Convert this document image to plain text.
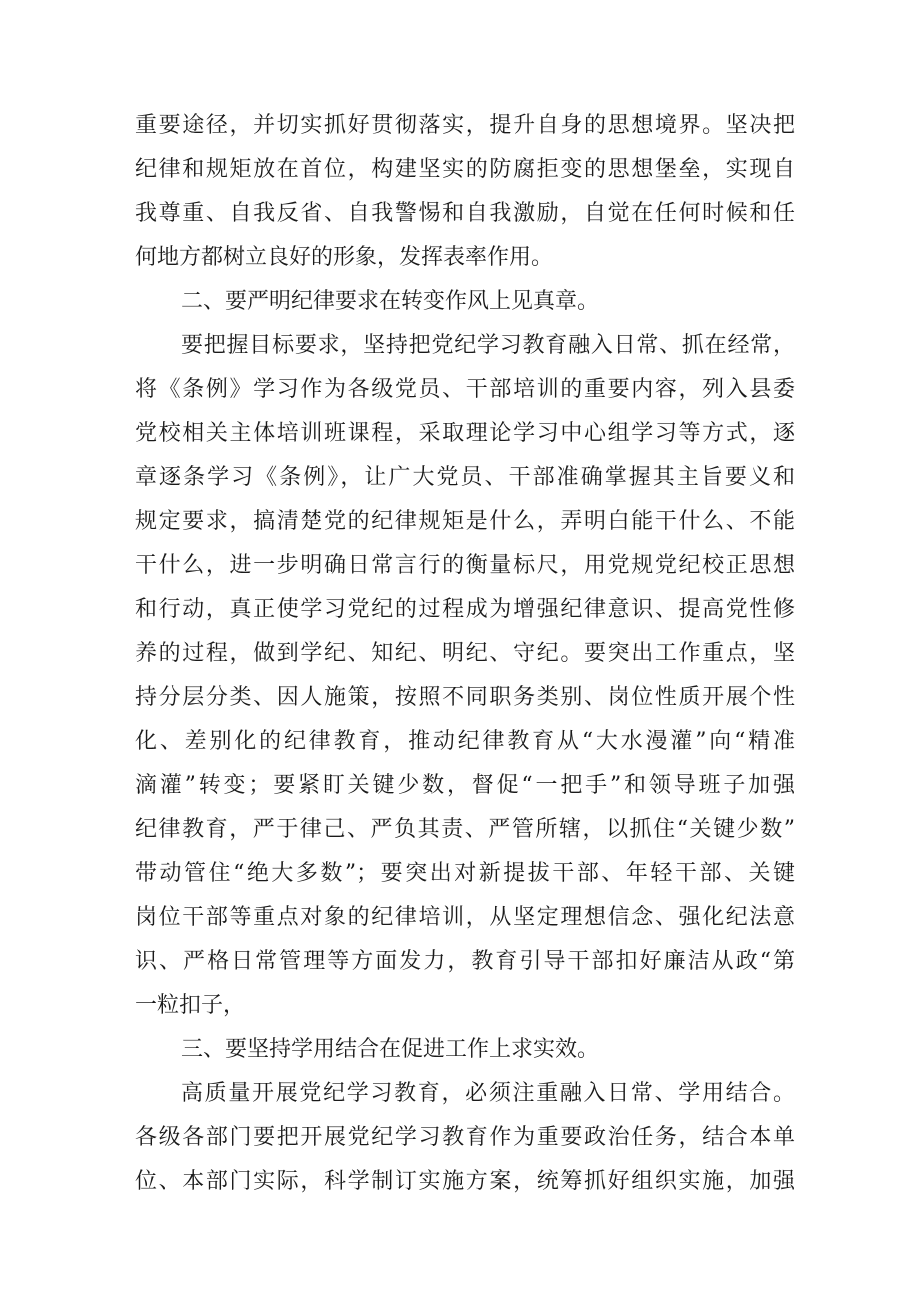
重要途径，并切实抓好贯彻落实，提升自身的思想境界。坚决把
纪律和规矩放在首位，构建坚实的防腐拒变的思想堡垒，实现自
我尊重、自我反省、自我警惕和自我激励，自觉在任何时候和任
何地方都树立良好的形象，发挥表率作用。
二、要严明纪律要求在转变作风上见真章。
要把握目标要求，坚持把党纪学习教育融入日常、抓在经常，
将《条例》学习作为各级党员、干部培训的重要内容，列入县委
党校相关主体培训班课程，采取理论学习中心组学习等方式，逐
章逐条学习《条例》，让广大党员、干部准确掌握其主旨要义和
规定要求，搞清楚党的纪律规矩是什么，弄明白能干什么、不能
干什么，进一步明确日常言行的衡量标尺，用党规党纪校正思想
和行动，真正使学习党纪的过程成为增强纪律意识、提高党性修
养的过程，做到学纪、知纪、明纪、守纪。要突出工作重点，坚
持分层分类、因人施策，按照不同职务类别、岗位性质开展个性
化、差别化的纪律教育，推动纪律教育从“大水漫灌”向“精准
滴灌”转变；要紧盯关键少数，督促“一把手”和领导班子加强
纪律教育，严于律己、严负其责、严管所辖，以抓住“关键少数”
带动管住“绝大多数”；要突出对新提拔干部、年轻干部、关键
岗位干部等重点对象的纪律培训，从坚定理想信念、强化纪法意
识、严格日常管理等方面发力，教育引导干部扣好廉洁从政“第
一粒扣子，
三、要坚持学用结合在促进工作上求实效。
高质量开展党纪学习教育，必须注重融入日常、学用结合。
各级各部门要把开展党纪学习教育作为重要政治任务，结合本单
位、本部门实际，科学制订实施方案，统筹抓好组织实施，加强
